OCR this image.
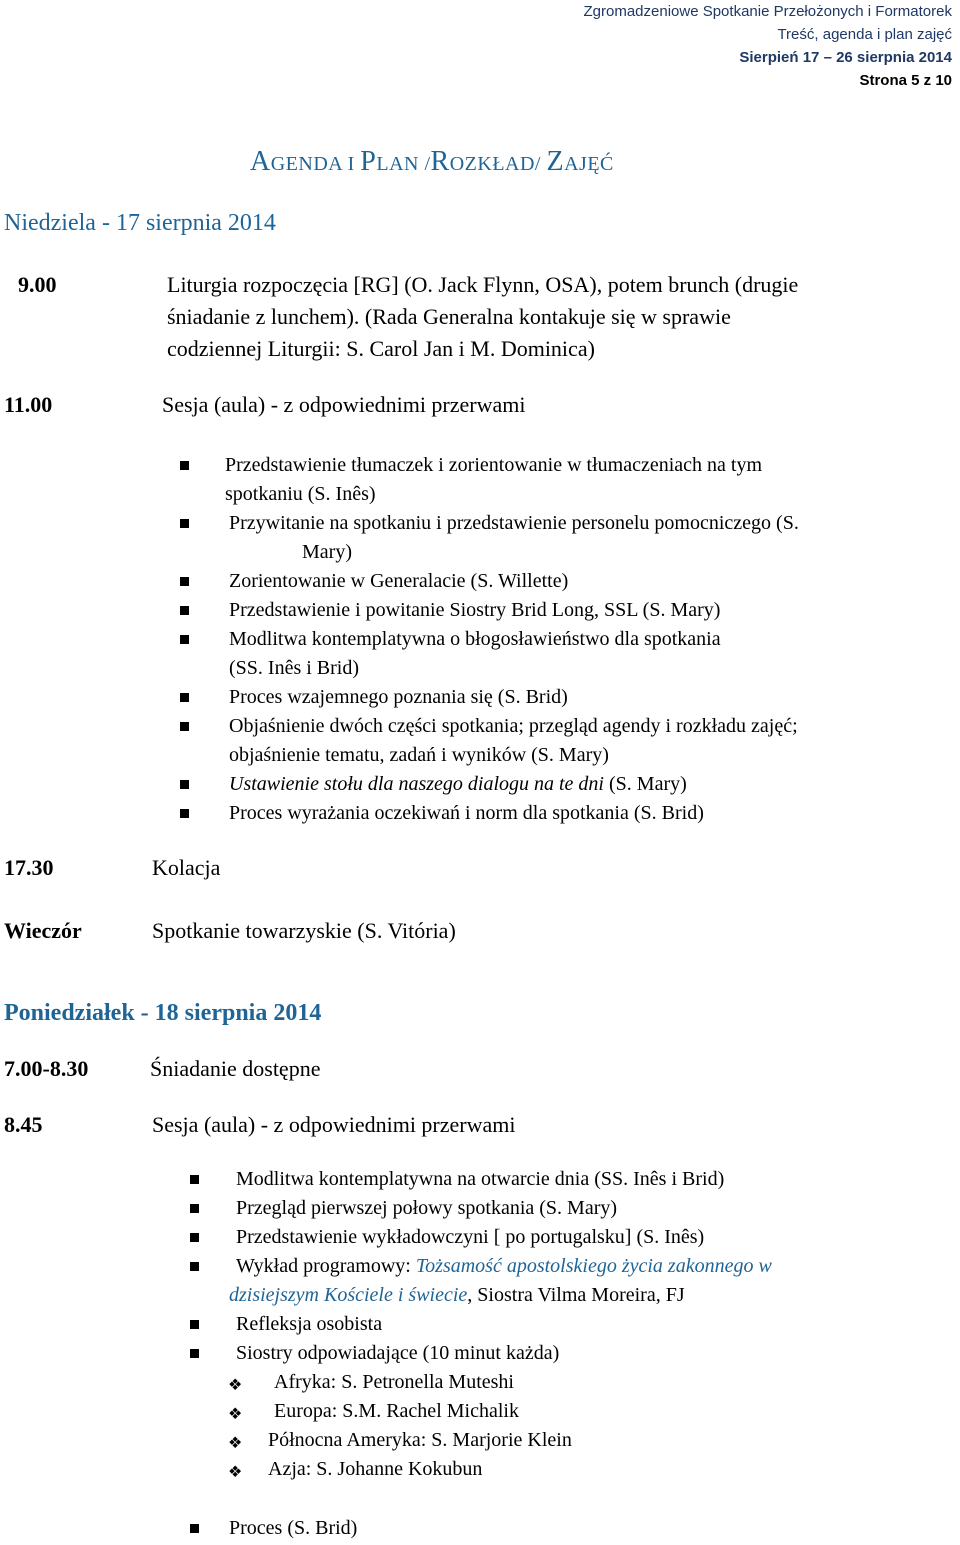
Zgromadzeniowe Spotkanie Przełożonych i Formatorek
Treść, agenda i plan zajęć
Sierpień 17 – 26 sierpnia 2014
Strona 5 z 10
AGENDA I PLAN /ROZKŁAD/ ZAJĘĆ
Niedziela - 17 sierpnia 2014
9.00	Liturgia rozpoczęcia [RG] (O. Jack Flynn, OSA), potem brunch (drugie
śniadanie z lunchem). (Rada Generalna kontakuje się w sprawie
codziennej Liturgii: S. Carol Jan i M. Dominica)
11.00	Sesja (aula) - z odpowiednimi przerwami
Przedstawienie tłumaczek i zorientowanie w tłumaczeniach na tym
spotkaniu (S. Inês)
Przywitanie na spotkaniu i przedstawienie personelu pomocniczego (S.
Mary)
Zorientowanie w Generalacie (S. Willette)
Przedstawienie i powitanie Siostry Brid Long, SSL (S. Mary)
Modlitwa kontemplatywna o błogosławieństwo dla spotkania
(SS. Inês i Brid)
Proces wzajemnego poznania się (S. Brid)
Objaśnienie dwóch części spotkania; przegląd agendy i rozkładu zajęć;
objaśnienie tematu, zadań i wyników (S. Mary)
Ustawienie stołu dla naszego dialogu na te dni (S. Mary)
Proces wyrażania oczekiwań i norm dla spotkania (S. Brid)
17.30	Kolacja
Wieczór	Spotkanie towarzyskie (S. Vitória)
Poniedziałek - 18 sierpnia 2014
7.00-8.30	Śniadanie dostępne
8.45	Sesja (aula) - z odpowiednimi przerwami
Modlitwa kontemplatywna na otwarcie dnia (SS. Inês i Brid)
Przegląd pierwszej połowy spotkania (S. Mary)
Przedstawienie wykładowczyni [ po portugalsku] (S. Inês)
Wykład programowy: Tożsamość apostolskiego życia zakonnego w
dzisiejszym Kościele i świecie, Siostra Vilma Moreira, FJ
Refleksja osobista
Siostry odpowiadające (10 minut każda)
❖ Afryka: S. Petronella Muteshi
❖ Europa: S.M. Rachel Michalik
❖ Północna Ameryka: S. Marjorie Klein
❖ Azja: S. Johanne Kokubun
Proces (S. Brid)
